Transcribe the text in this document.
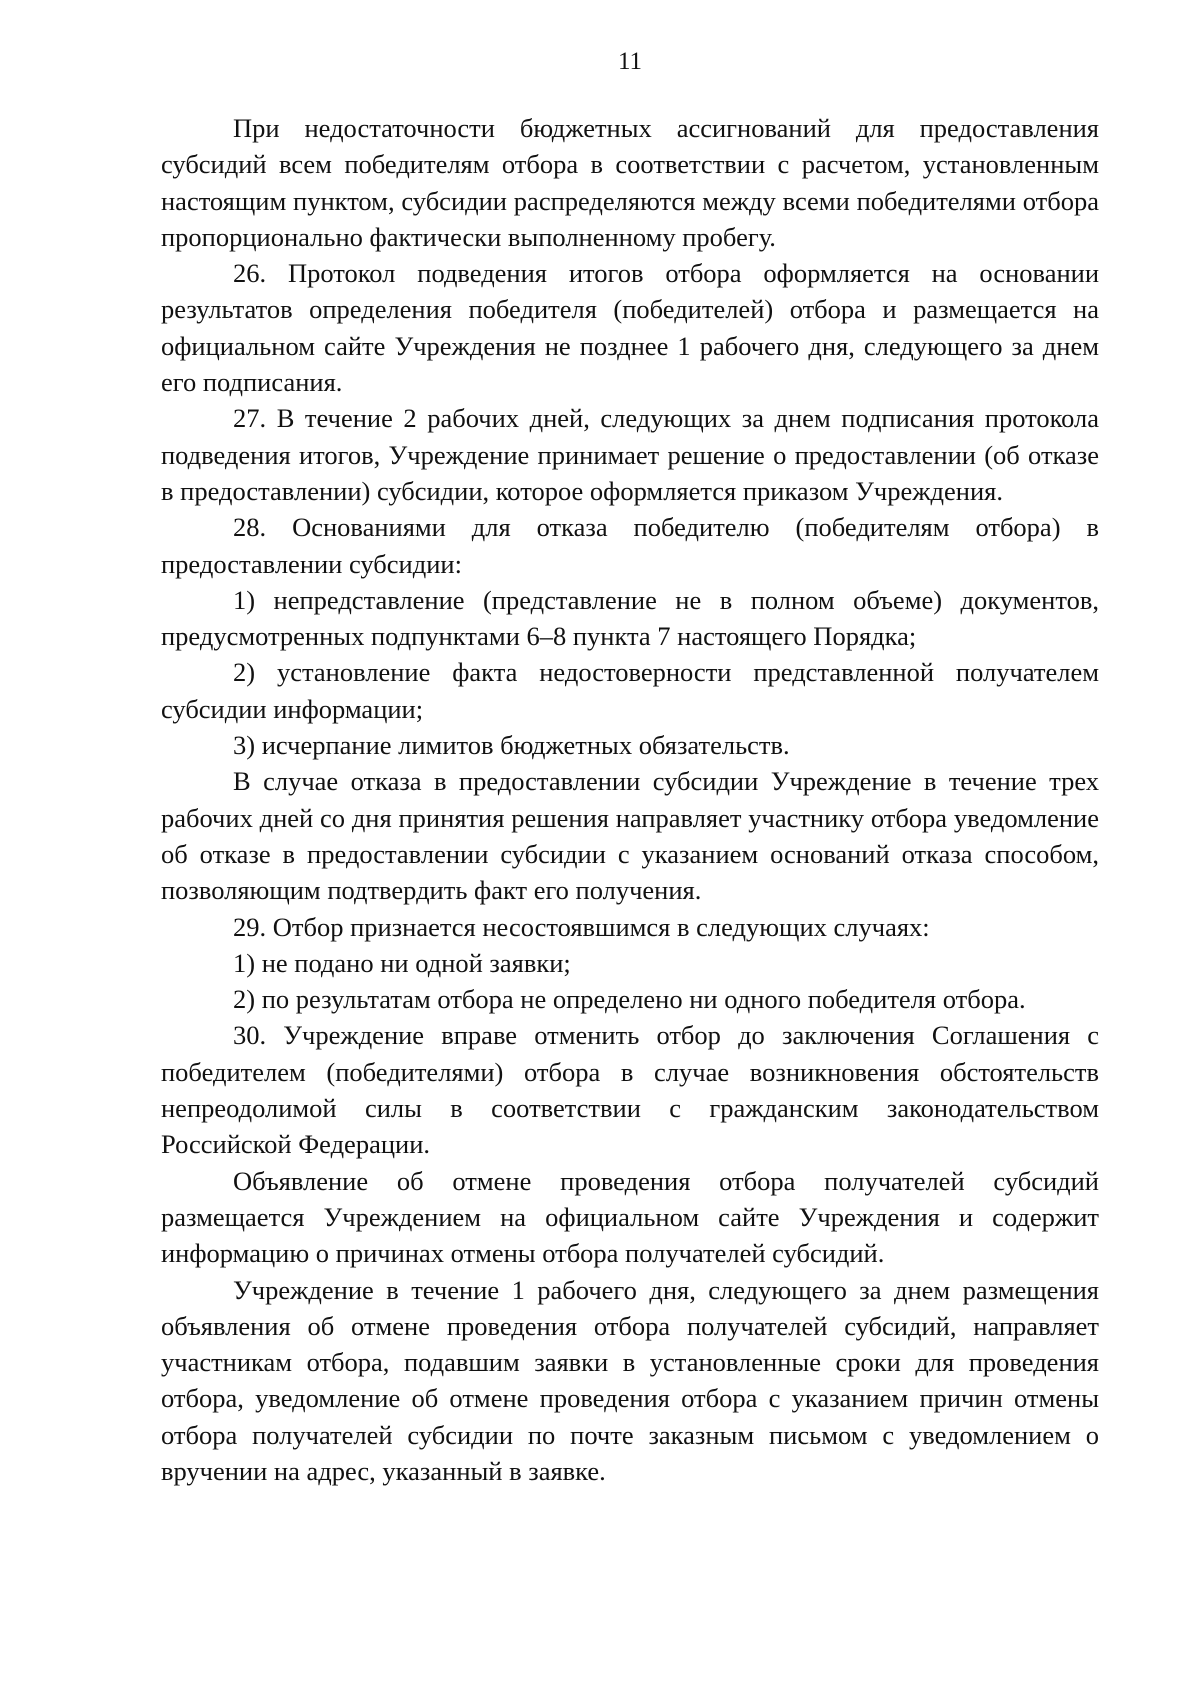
11

При недостаточности бюджетных ассигнований для предоставления субсидий всем победителям отбора в соответствии с расчетом, установленным настоящим пунктом, субсидии распределяются между всеми победителями отбора пропорционально фактически выполненному пробегу.

26. Протокол подведения итогов отбора оформляется на основании результатов определения победителя (победителей) отбора и размещается на официальном сайте Учреждения не позднее 1 рабочего дня, следующего за днем его подписания.

27. В течение 2 рабочих дней, следующих за днем подписания протокола подведения итогов, Учреждение принимает решение о предоставлении (об отказе в предоставлении) субсидии, которое оформляется приказом Учреждения.

28. Основаниями для отказа победителю (победителям отбора) в предоставлении субсидии:

1) непредставление (представление не в полном объеме) документов, предусмотренных подпунктами 6–8 пункта 7 настоящего Порядка;

2) установление факта недостоверности представленной получателем субсидии информации;

3) исчерпание лимитов бюджетных обязательств.

В случае отказа в предоставлении субсидии Учреждение в течение трех рабочих дней со дня принятия решения направляет участнику отбора уведомление об отказе в предоставлении субсидии с указанием оснований отказа способом, позволяющим подтвердить факт его получения.

29. Отбор признается несостоявшимся в следующих случаях:

1) не подано ни одной заявки;

2) по результатам отбора не определено ни одного победителя отбора.

30. Учреждение вправе отменить отбор до заключения Соглашения с победителем (победителями) отбора в случае возникновения обстоятельств непреодолимой силы в соответствии с гражданским законодательством Российской Федерации.

Объявление об отмене проведения отбора получателей субсидий размещается Учреждением на официальном сайте Учреждения и содержит информацию о причинах отмены отбора получателей субсидий.

Учреждение в течение 1 рабочего дня, следующего за днем размещения объявления об отмене проведения отбора получателей субсидий, направляет участникам отбора, подавшим заявки в установленные сроки для проведения отбора, уведомление об отмене проведения отбора с указанием причин отмены отбора получателей субсидии по почте заказным письмом с уведомлением о вручении на адрес, указанный в заявке.
